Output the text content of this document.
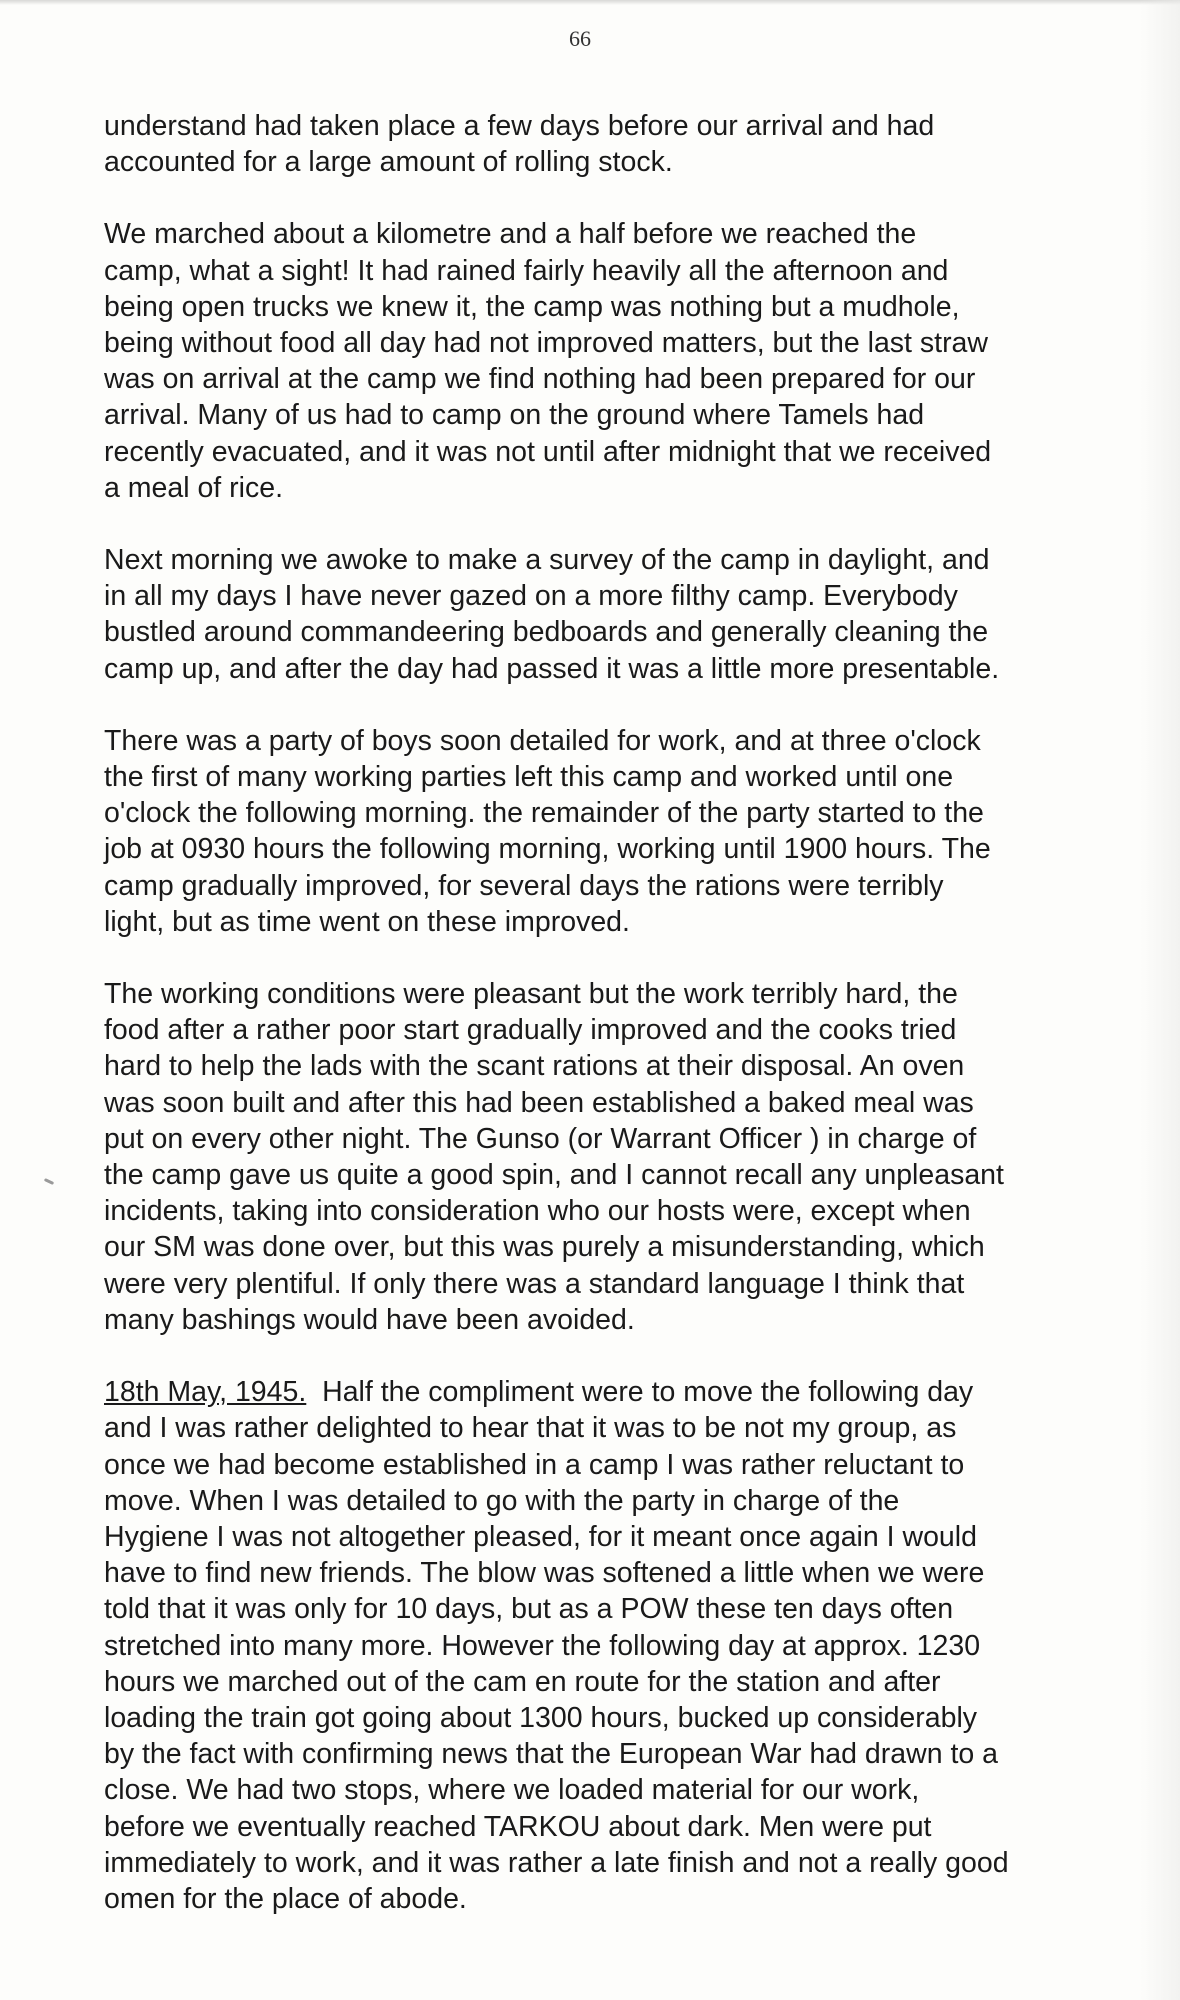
66

understand had taken place a few days before our arrival and had
accounted for a large amount of rolling stock.

We marched about a kilometre and a half before we reached the
camp, what a sight! It had rained fairly heavily all the afternoon and
being open trucks we knew it, the camp was nothing but a mudhole,
being without food all day had not improved matters, but the last straw
was on arrival at the camp we find nothing had been prepared for our
arrival. Many of us had to camp on the ground where Tamels had
recently evacuated, and it was not until after midnight that we received
a meal of rice.

Next morning we awoke to make a survey of the camp in daylight, and
in all my days I have never gazed on a more filthy camp. Everybody
bustled around commandeering bedboards and generally cleaning the
camp up, and after the day had passed it was a little more presentable.

There was a party of boys soon detailed for work, and at three o'clock
the first of many working parties left this camp and worked until one
o'clock the following morning. the remainder of the party started to the
job at 0930 hours the following morning, working until 1900 hours. The
camp gradually improved, for several days the rations were terribly
light, but as time went on these improved.

The working conditions were pleasant but the work terribly hard, the
food after a rather poor start gradually improved and the cooks tried
hard to help the lads with the scant rations at their disposal. An oven
was soon built and after this had been established a baked meal was
put on every other night. The Gunso (or Warrant Officer ) in charge of
the camp gave us quite a good spin, and I cannot recall any unpleasant
incidents, taking into consideration who our hosts were, except when
our SM was done over, but this was purely a misunderstanding, which
were very plentiful. If only there was a standard language I think that
many bashings would have been avoided.

18th May, 1945.  Half the compliment were to move the following day
and I was rather delighted to hear that it was to be not my group, as
once we had become established in a camp I was rather reluctant to
move. When I was detailed to go with the party in charge of the
Hygiene I was not altogether pleased, for it meant once again I would
have to find new friends. The blow was softened a little when we were
told that it was only for 10 days, but as a POW these ten days often
stretched into many more. However the following day at approx. 1230
hours we marched out of the cam en route for the station and after
loading the train got going about 1300 hours, bucked up considerably
by the fact with confirming news that the European War had drawn to a
close. We had two stops, where we loaded material for our work,
before we eventually reached TARKOU about dark. Men were put
immediately to work, and it was rather a late finish and not a really good
omen for the place of abode.
